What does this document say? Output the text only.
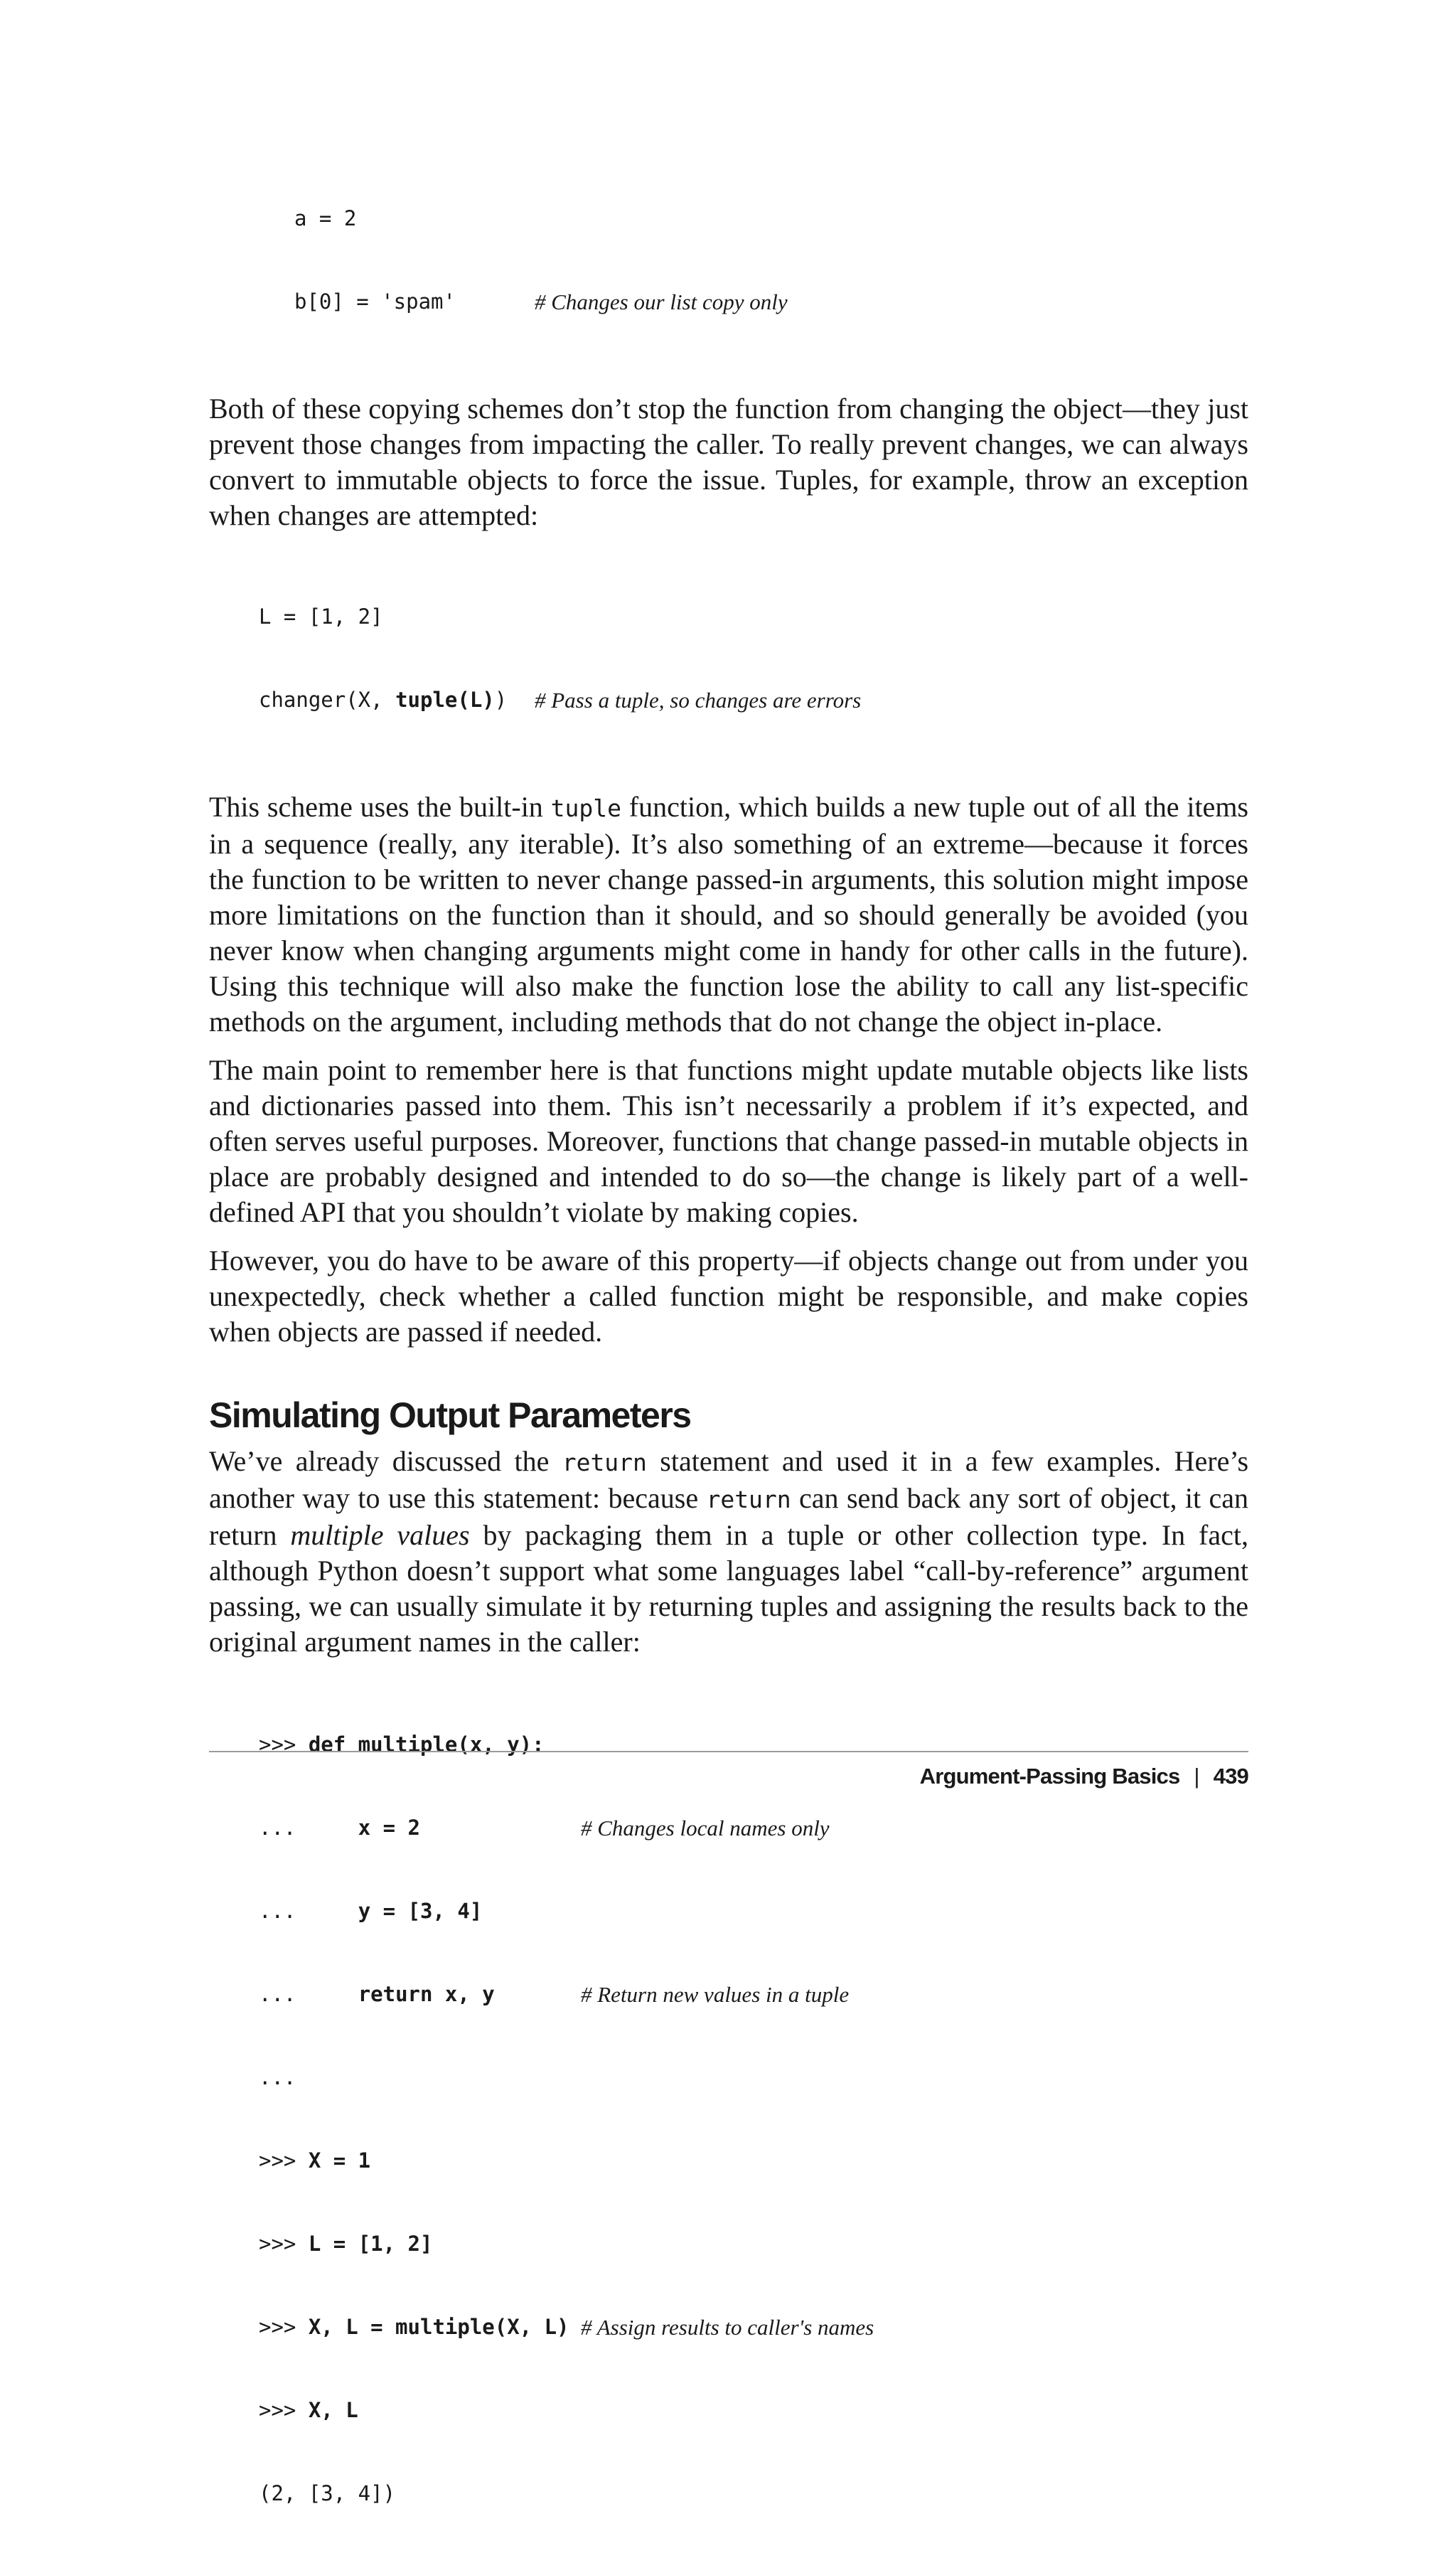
a = 2

b[0] = 'spam'	# Changes our list copy only

Both of these copying schemes don’t stop the function from changing the object—they just prevent those changes from impacting the caller. To really prevent changes, we can always convert to immutable objects to force the issue. Tuples, for example, throw an exception when changes are attempted:

L = [1, 2]

changer(X, tuple(L)) # Pass a tuple, so changes are errors

This scheme uses the built-in tuple function, which builds a new tuple out of all the items in a sequence (really, any iterable). It’s also something of an extreme—because it forces the function to be written to never change passed-in arguments, this solution might impose more limitations on the function than it should, and so should generally be avoided (you never know when changing arguments might come in handy for other calls in the future). Using this technique will also make the function lose the ability to call any list-specific methods on the argument, including methods that do not change the object in-place.

The main point to remember here is that functions might update mutable objects like lists and dictionaries passed into them. This isn’t necessarily a problem if it’s expected, and often serves useful purposes. Moreover, functions that change passed-in mutable objects in place are probably designed and intended to do so—the change is likely part of a well-defined API that you shouldn’t violate by making copies.

However, you do have to be aware of this property—if objects change out from under you unexpectedly, check whether a called function might be responsible, and make copies when objects are passed if needed.

Simulating Output Parameters

We’ve already discussed the return statement and used it in a few examples. Here’s another way to use this statement: because return can send back any sort of object, it can return multiple values by packaging them in a tuple or other collection type. In fact, although Python doesn’t support what some languages label “call-by-reference” argument passing, we can usually simulate it by returning tuples and assigning the results back to the original argument names in the caller:

>>> def multiple(x, y):

...     x = 2	# Changes local names only

...     y = [3, 4]

...     return x, y	# Return new values in a tuple

...

>>> X = 1

>>> L = [1, 2]

>>> X, L = multiple(X, L) # Assign results to caller's names

>>> X, L

(2, [3, 4])

Argument-Passing Basics | 439
